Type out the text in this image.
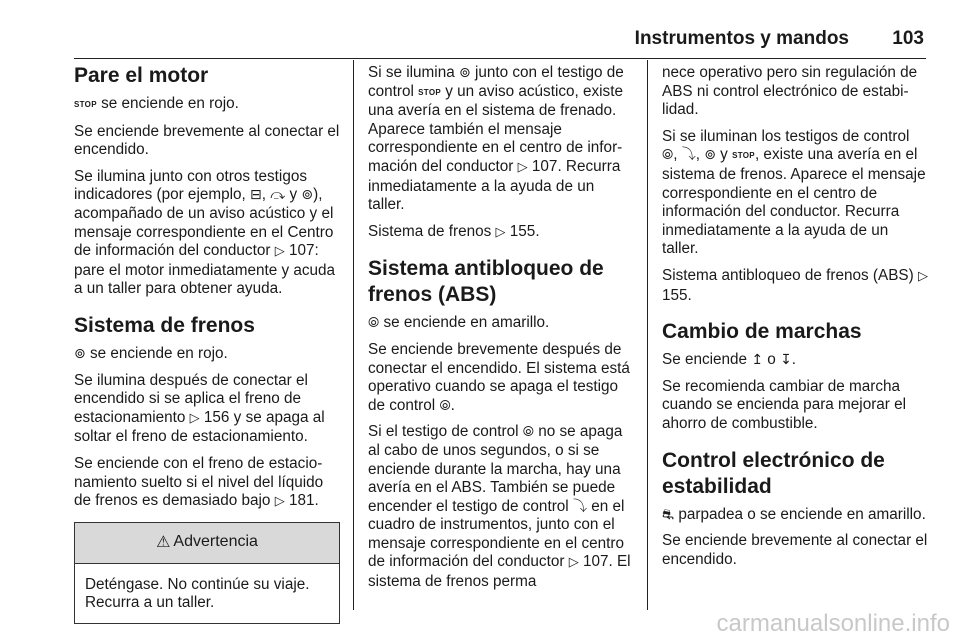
Instrumentos y mandos 103
Pare el motor

STOP se enciende en rojo.

Se enciende brevemente al conectar el encendido.

Se ilumina junto con otros testigos indicadores (por ejemplo, ⊟, ⤼ y ⊚), acompañado de un aviso acústico y el mensaje correspondiente en el Centro de información del conductor ▷ 107: pare el motor inmediatamente y acuda a un taller para obtener ayuda.

Sistema de frenos

⊚ se enciende en rojo.

Se ilumina después de conectar el encendido si se aplica el freno de estacionamiento ▷ 156 y se apaga al soltar el freno de estacionamiento.

Se enciende con el freno de estacionamiento suelto si el nivel del líquido de frenos es demasiado bajo ▷ 181.

⚠ Advertencia
Deténgase. No continúe su viaje. Recurra a un taller.

Si se ilumina ⊚ junto con el testigo de control STOP y un aviso acústico, existe una avería en el sistema de frenado. Aparece también el mensaje correspondiente en el centro de información del conductor ▷ 107. Recurra inmediatamente a la ayuda de un taller.

Sistema de frenos ▷ 155.

Sistema antibloqueo de frenos (ABS)

⦾ se enciende en amarillo.

Se enciende brevemente después de conectar el encendido. El sistema está operativo cuando se apaga el testigo de control ⦾.

Si el testigo de control ⦾ no se apaga al cabo de unos segundos, o si se enciende durante la marcha, hay una avería en el ABS. También se puede encender el testigo de control ⤵ en el cuadro de instrumentos, junto con el mensaje correspondiente en el centro de información del conductor ▷ 107. El sistema de frenos perma

nece operativo pero sin regulación de ABS ni control electrónico de estabilidad.

Si se iluminan los testigos de control ⦾, ⤵, ⊚ y STOP, existe una avería en el sistema de frenos. Aparece el mensaje correspondiente en el centro de información del conductor. Recurra inmediatamente a la ayuda de un taller.

Sistema antibloqueo de frenos (ABS) ▷ 155.

Cambio de marchas

Se enciende ↥ o ↧.

Se recomienda cambiar de marcha cuando se encienda para mejorar el ahorro de combustible.

Control electrónico de estabilidad

⛐ parpadea o se enciende en amarillo.

Se enciende brevemente al conectar el encendido.

carmanualsonline.info
